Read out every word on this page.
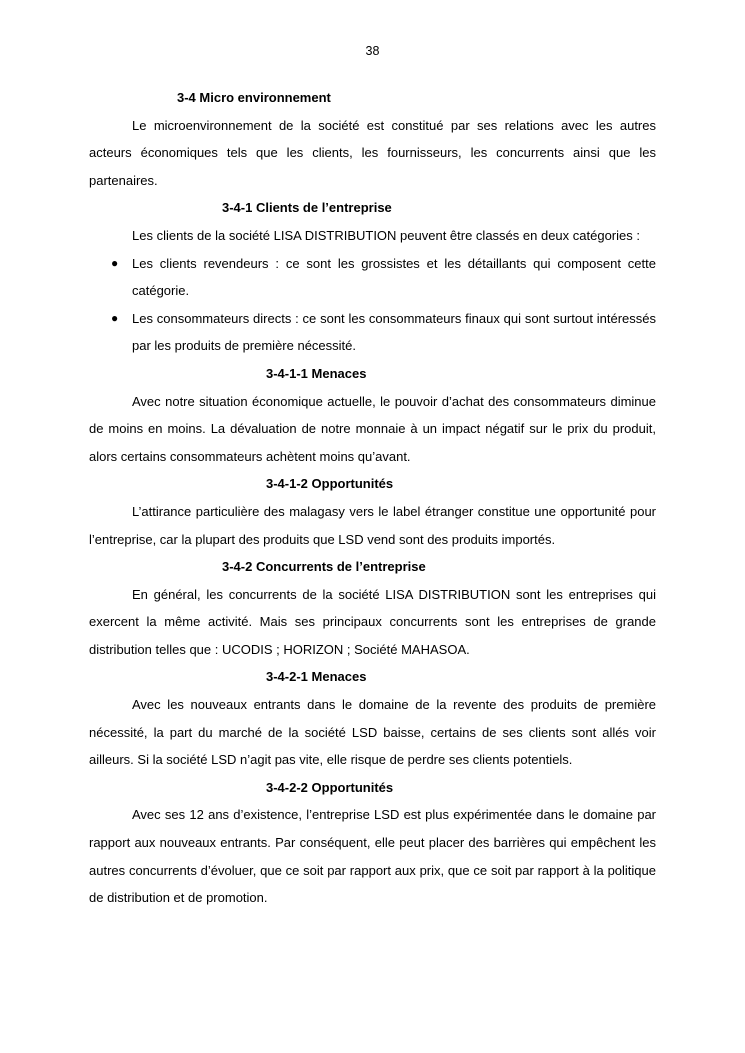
38
3-4 Micro environnement

Le microenvironnement de la société est constitué par ses relations avec les autres acteurs économiques tels que les clients, les fournisseurs, les concurrents ainsi que les partenaires.

3-4-1 Clients de l’entreprise

Les clients de la société LISA DISTRIBUTION peuvent être classés en deux catégories :

● Les clients revendeurs : ce sont les grossistes et les détaillants qui composent cette catégorie.
● Les consommateurs directs : ce sont les consommateurs finaux qui sont surtout intéressés par les produits de première nécessité.
3-4-1-1 Menaces

Avec notre situation économique actuelle, le pouvoir d’achat des consommateurs diminue de moins en moins. La dévaluation de notre monnaie à un impact négatif sur le prix du produit, alors certains consommateurs achètent moins qu’avant.

3-4-1-2 Opportunités

L’attirance particulière des malagasy vers le label étranger constitue une opportunité pour l’entreprise, car la plupart des produits que LSD vend sont des produits importés.

3-4-2 Concurrents de l’entreprise

En général, les concurrents de la société LISA DISTRIBUTION sont les entreprises qui exercent la même activité. Mais ses principaux concurrents sont les entreprises de grande distribution telles que : UCODIS ; HORIZON ; Société MAHASOA.

3-4-2-1 Menaces

Avec les nouveaux entrants dans le domaine de la revente des produits de première nécessité, la part du marché de la société LSD baisse, certains de ses clients sont allés voir ailleurs. Si la société LSD n’agit pas vite, elle risque de perdre ses clients potentiels.

3-4-2-2 Opportunités

Avec ses 12 ans d’existence, l’entreprise LSD est plus expérimentée dans le domaine par rapport aux nouveaux entrants. Par conséquent, elle peut placer des barrières qui empêchent les autres concurrents d’évoluer, que ce soit par rapport aux prix, que ce soit par rapport à la politique de distribution et de promotion.
